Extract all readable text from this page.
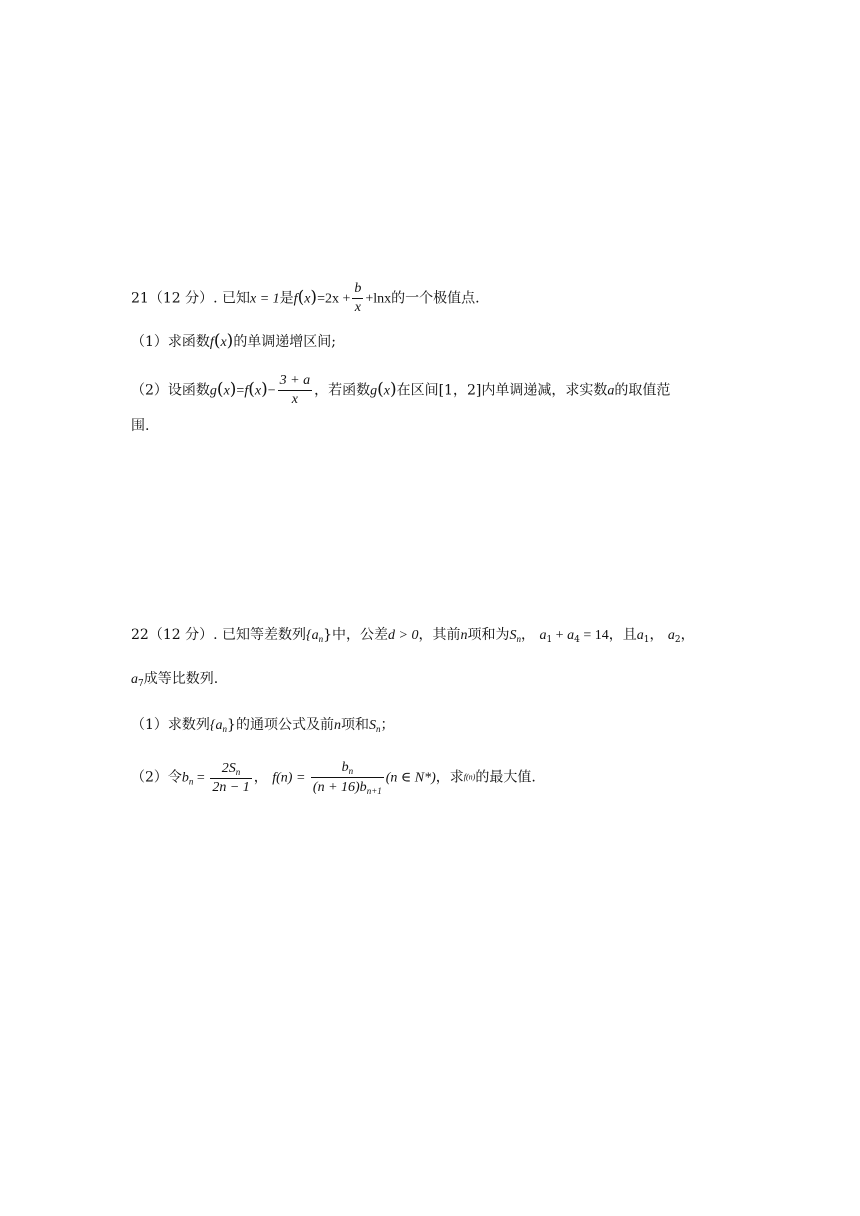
21（12 分）. 已知x = 1是$f(x)=2x + \frac{b}{x} +\ln x$的一个极值点.
（1）求函数f(x)的单调递增区间;
（2）设函数$g(x)=f(x)- \frac{3 + a}{x}$ ，若函数g(x)在区间[1，2]内单调递减，求实数a的取值范
围.
22（12 分）. 已知等差数列$\{a_n\}$中，公差d > 0，其前n项和为$S_n$， $a_1 + a_4 = 14$，且$a_1$， $a_2$，
$a_7$成等比数列.
（1）求数列$\{a_n\}$的通项公式及前n项和$S_n$；
（2）令$b_n = \frac{2S_n}{2n - 1}$ ， $f(n) = \frac{b_n}{(n + 16)b_{n+1}} (n$ ∈ N*)，求f(n)的最大值.
